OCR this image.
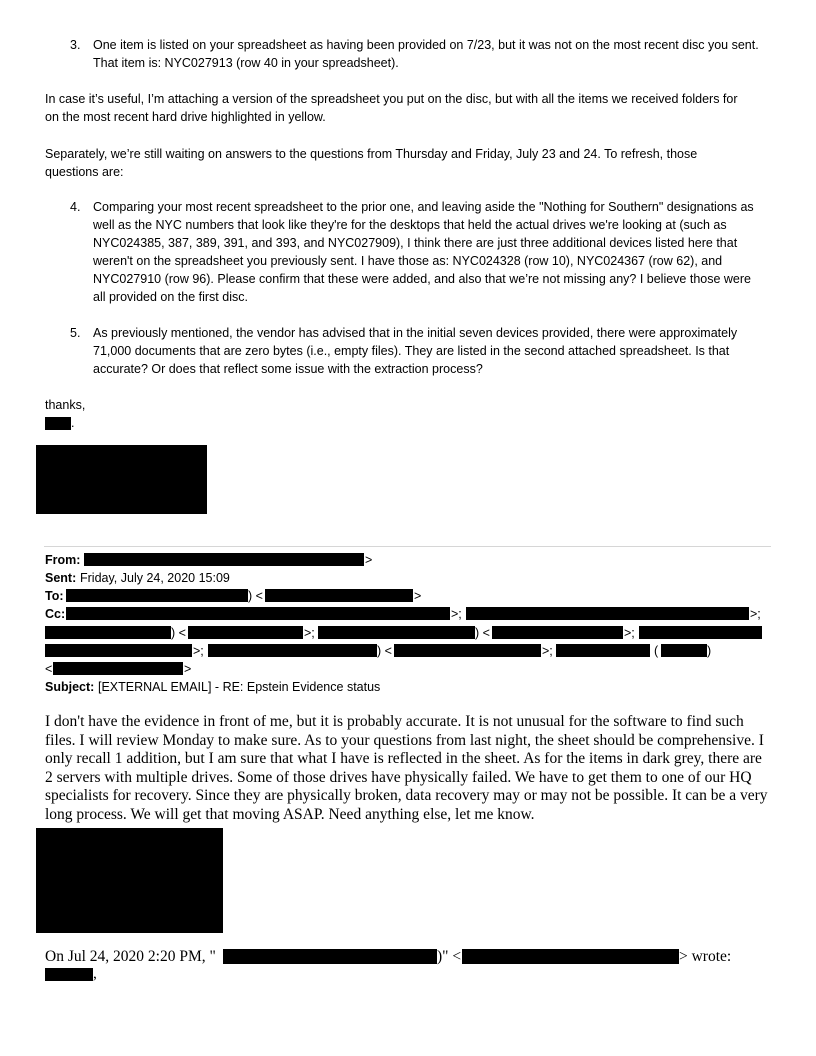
3. One item is listed on your spreadsheet as having been provided on 7/23, but it was not on the most recent disc you sent. That item is: NYC027913 (row 40 in your spreadsheet).

In case it’s useful, I’m attaching a version of the spreadsheet you put on the disc, but with all the items we received folders for on the most recent hard drive highlighted in yellow.

Separately, we’re still waiting on answers to the questions from Thursday and Friday, July 23 and 24. To refresh, those questions are:

4. Comparing your most recent spreadsheet to the prior one, and leaving aside the "Nothing for Southern" designations as well as the NYC numbers that look like they're for the desktops that held the actual drives we're looking at (such as NYC024385, 387, 389, 391, and 393, and NYC027909), I think there are just three additional devices listed here that weren't on the spreadsheet you previously sent. I have those as: NYC024328 (row 10), NYC024367 (row 62), and NYC027910 (row 96). Please confirm that these were added, and also that we’re not missing any? I believe those were all provided on the first disc.

5. As previously mentioned, the vendor has advised that in the initial seven devices provided, there were approximately 71,000 documents that are zero bytes (i.e., empty files). They are listed in the second attached spreadsheet. Is that accurate? Or does that reflect some issue with the extraction process?

thanks,
.
From:	>
Sent: Friday, July 24, 2020 15:09
To:	) <	>
Cc:	>;	>;
) <	>;	) <	>;
>;	) <	>;	(	)
<	>
Subject: [EXTERNAL EMAIL] - RE: Epstein Evidence status

I don't have the evidence in front of me, but it is probably accurate. It is not unusual for the software to find such files. I will review Monday to make sure. As to your questions from last night, the sheet should be comprehensive. I only recall 1 addition, but I am sure that what I have is reflected in the sheet. As for the items in dark grey, there are 2 servers with multiple drives. Some of those drives have physically failed. We have to get them to one of our HQ specialists for recovery. Since they are physically broken, data recovery may or may not be possible. It can be a very long process. We will get that moving ASAP. Need anything else, let me know.

On Jul 24, 2020 2:20 PM, "	)" <	> wrote:
,
